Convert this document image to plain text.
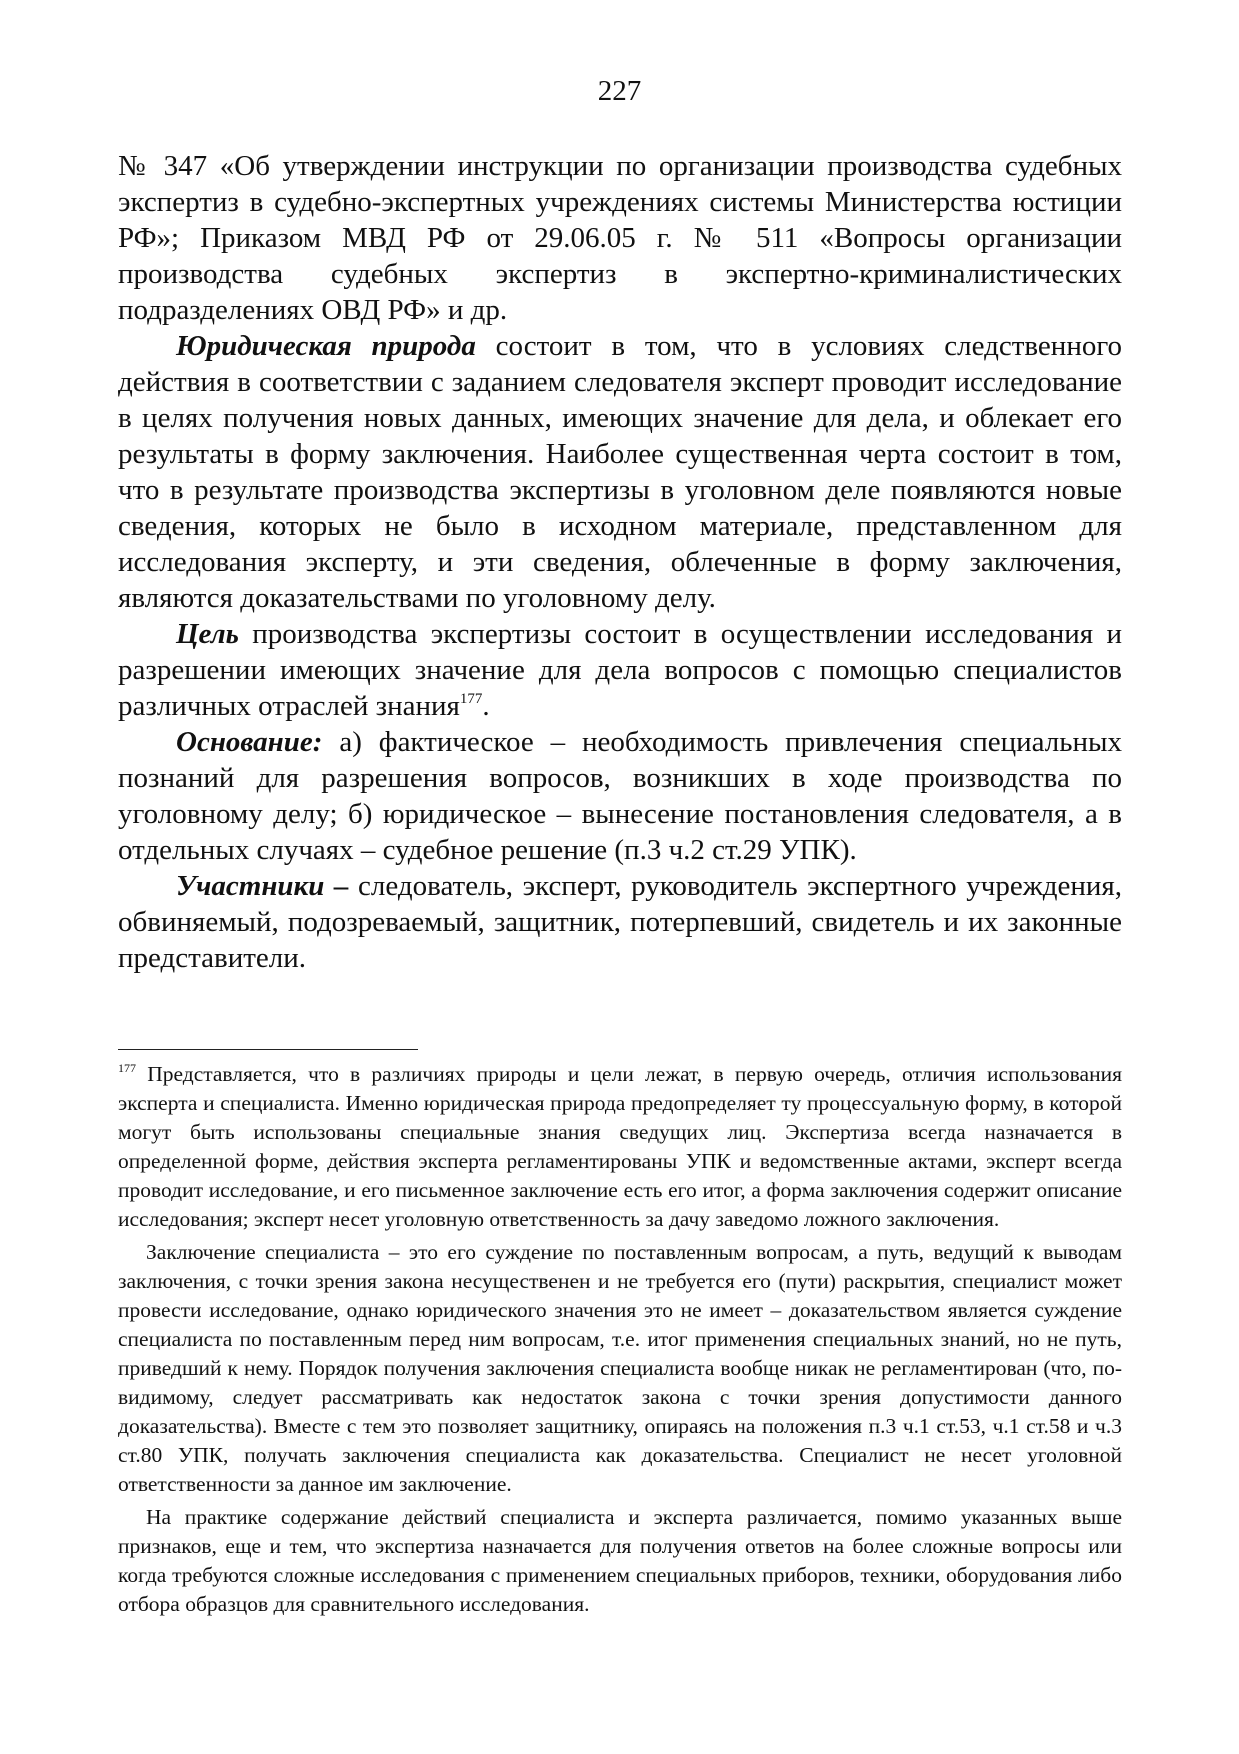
227

№ 347 «Об утверждении инструкции по организации производства судебных экспертиз в судебно-экспертных учреждениях системы Министерства юстиции РФ»; Приказом МВД РФ от 29.06.05 г. № 511 «Вопросы организации производства судебных экспертиз в экспертно-криминалистических подразделениях ОВД РФ» и др.

Юридическая природа состоит в том, что в условиях следственного действия в соответствии с заданием следователя эксперт проводит исследование в целях получения новых данных, имеющих значение для дела, и облекает его результаты в форму заключения. Наиболее существенная черта состоит в том, что в результате производства экспертизы в уголовном деле появляются новые сведения, которых не было в исходном материале, представленном для исследования эксперту, и эти сведения, облеченные в форму заключения, являются доказательствами по уголовному делу.

Цель производства экспертизы состоит в осуществлении исследования и разрешении имеющих значение для дела вопросов с помощью специалистов различных отраслей знания$^{177}$.

Основание: а) фактическое – необходимость привлечения специальных познаний для разрешения вопросов, возникших в ходе производства по уголовному делу; б) юридическое – вынесение постановления следователя, а в отдельных случаях – судебное решение (п.3 ч.2 ст.29 УПК).

Участники – следователь, эксперт, руководитель экспертного учреждения, обвиняемый, подозреваемый, защитник, потерпевший, свидетель и их законные представители.

$^{177}$ Представляется, что в различиях природы и цели лежат, в первую очередь, отличия использования эксперта и специалиста. Именно юридическая природа предопределяет ту процессуальную форму, в которой могут быть использованы специальные знания сведущих лиц. Экспертиза всегда назначается в определенной форме, действия эксперта регламентированы УПК и ведомственные актами, эксперт всегда проводит исследование, и его письменное заключение есть его итог, а форма заключения содержит описание исследования; эксперт несет уголовную ответственность за дачу заведомо ложного заключения.

Заключение специалиста – это его суждение по поставленным вопросам, а путь, ведущий к выводам заключения, с точки зрения закона несущественен и не требуется его (пути) раскрытия, специалист может провести исследование, однако юридического значения это не имеет – доказательством является суждение специалиста по поставленным перед ним вопросам, т.е. итог применения специальных знаний, но не путь, приведший к нему. Порядок получения заключения специалиста вообще никак не регламентирован (что, по-видимому, следует рассматривать как недостаток закона с точки зрения допустимости данного доказательства). Вместе с тем это позволяет защитнику, опираясь на положения п.3 ч.1 ст.53, ч.1 ст.58 и ч.3 ст.80 УПК, получать заключения специалиста как доказательства. Специалист не несет уголовной ответственности за данное им заключение.

На практике содержание действий специалиста и эксперта различается, помимо указанных выше признаков, еще и тем, что экспертиза назначается для получения ответов на более сложные вопросы или когда требуются сложные исследования с применением специальных приборов, техники, оборудования либо отбора образцов для сравнительного исследования.
